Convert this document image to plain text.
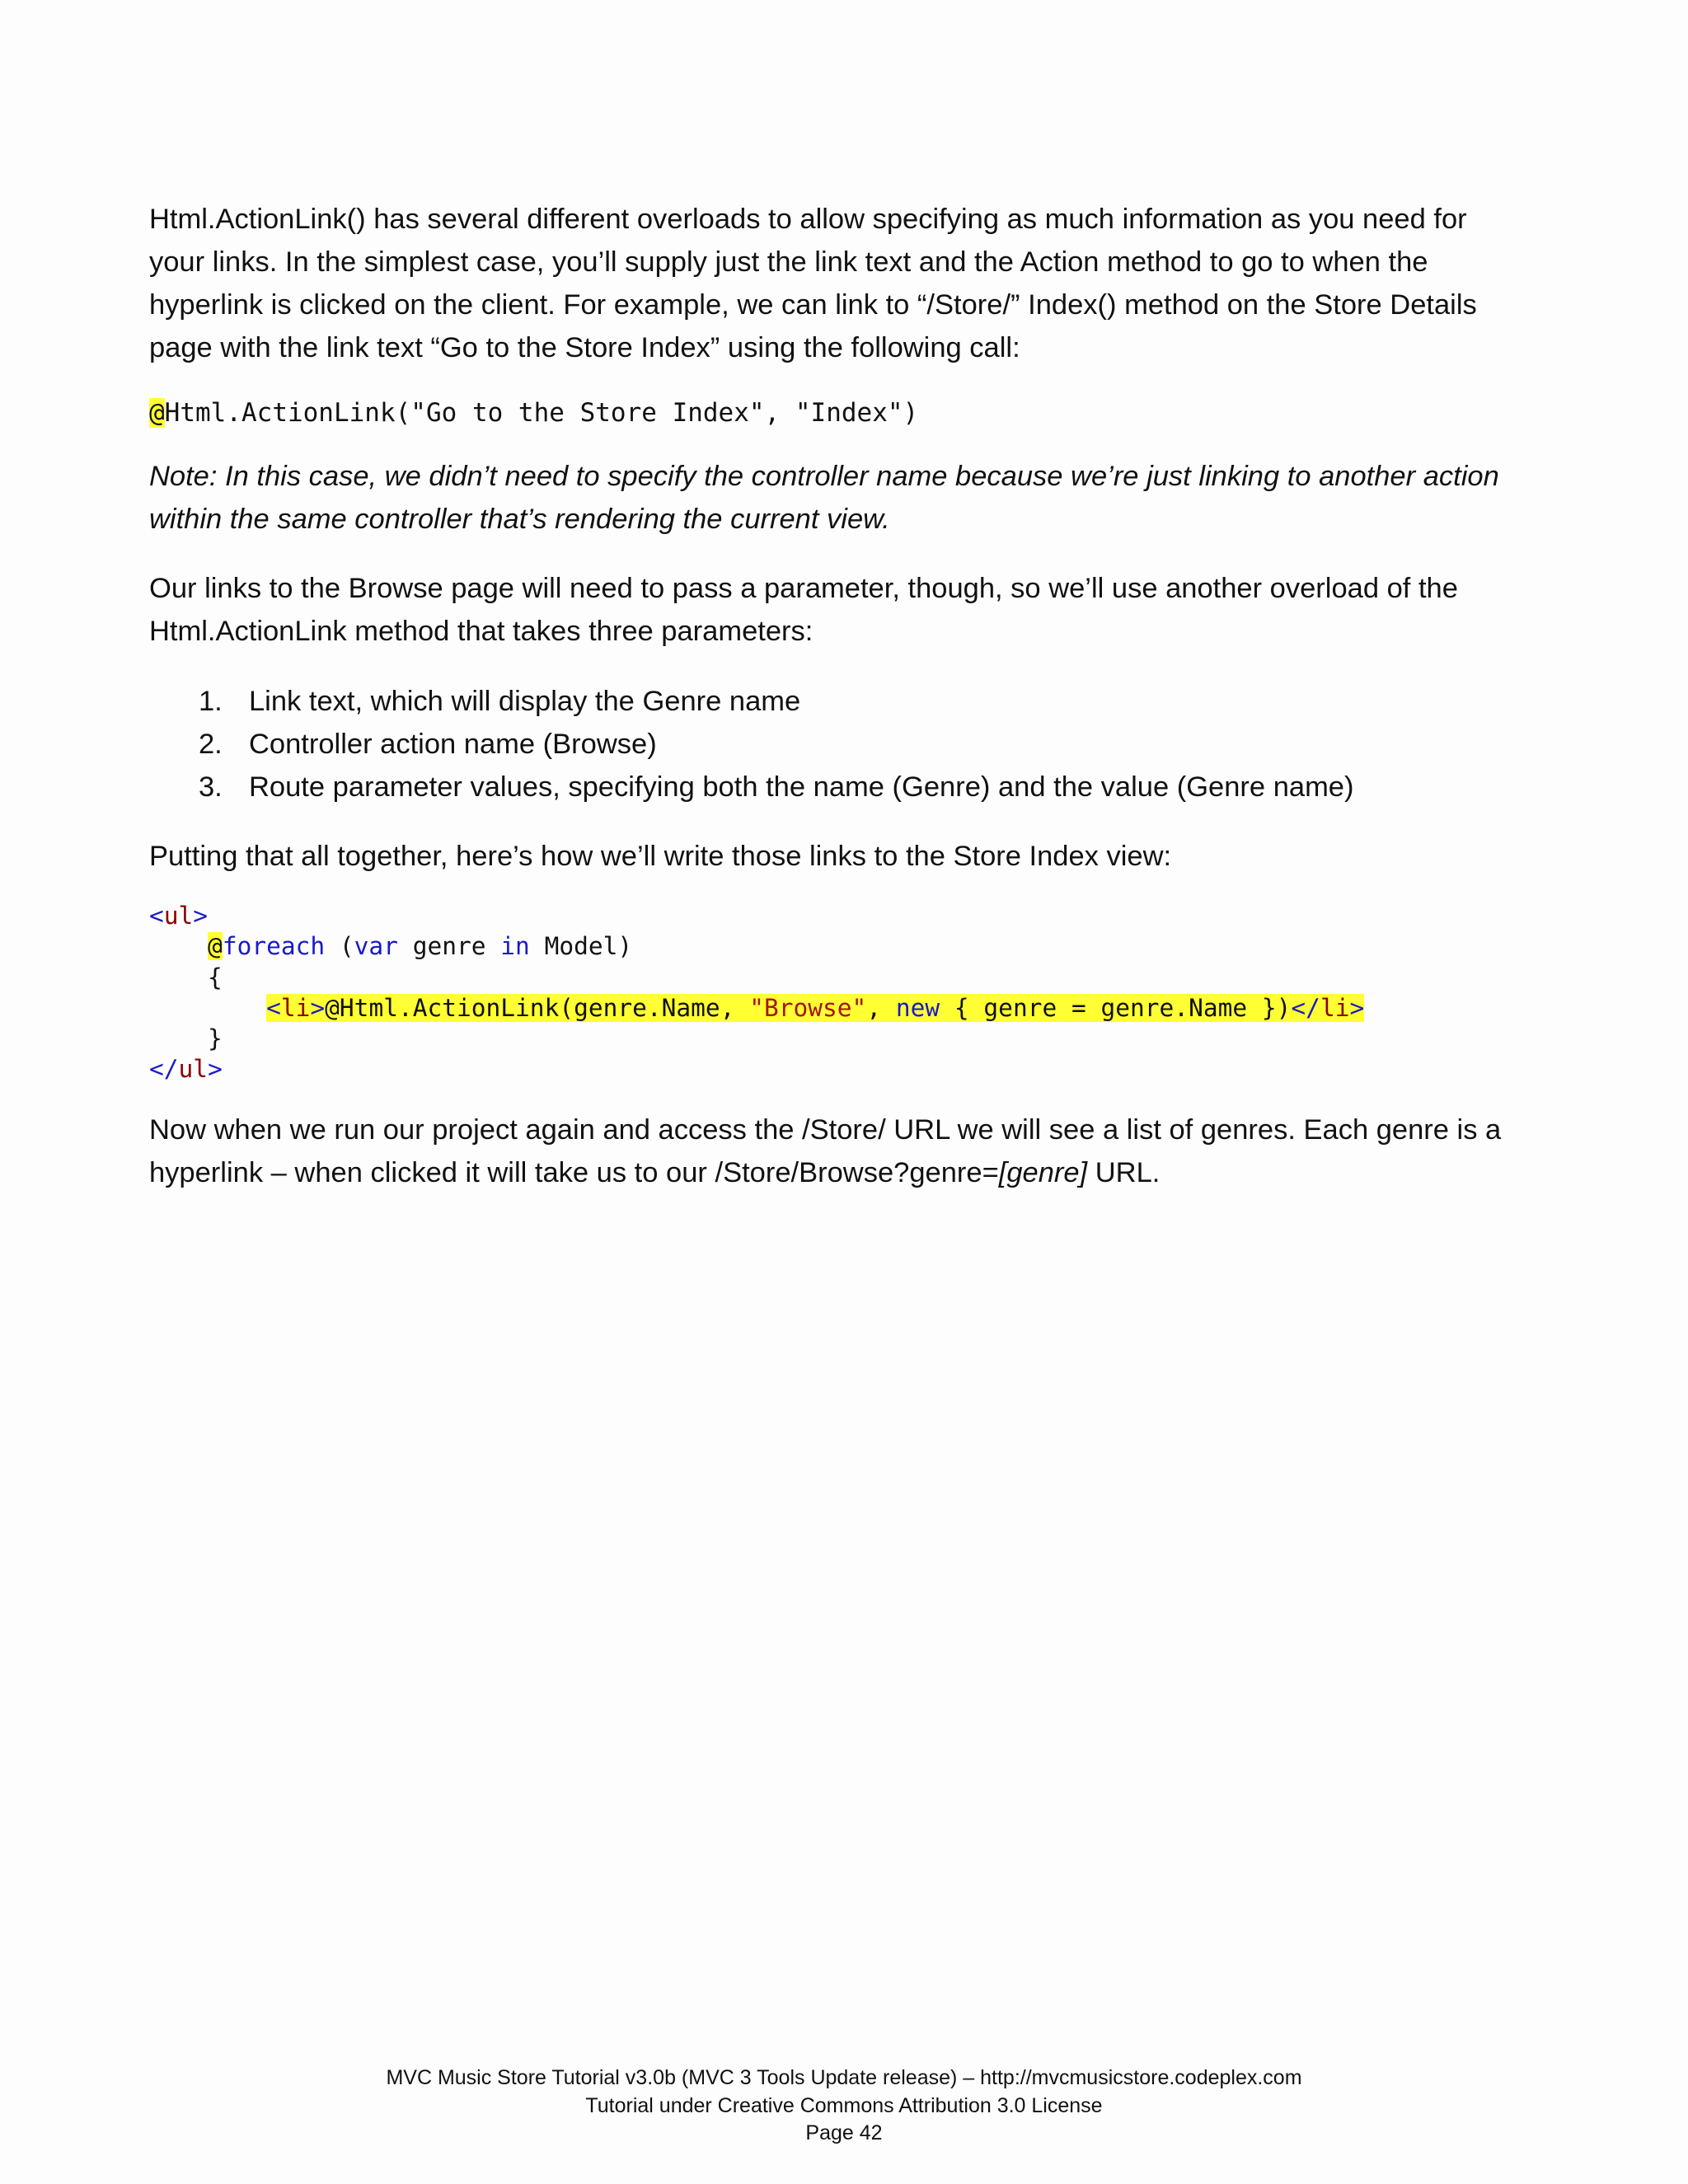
Html.ActionLink() has several different overloads to allow specifying as much information as you need for your links. In the simplest case, you’ll supply just the link text and the Action method to go to when the hyperlink is clicked on the client. For example, we can link to “/Store/” Index() method on the Store Details page with the link text “Go to the Store Index” using the following call:

@Html.ActionLink("Go to the Store Index", "Index")

Note: In this case, we didn’t need to specify the controller name because we’re just linking to another action within the same controller that’s rendering the current view.

Our links to the Browse page will need to pass a parameter, though, so we’ll use another overload of the Html.ActionLink method that takes three parameters:

1. Link text, which will display the Genre name
2. Controller action name (Browse)
3. Route parameter values, specifying both the name (Genre) and the value (Genre name)

Putting that all together, here’s how we’ll write those links to the Store Index view:

<ul>
@foreach (var genre in Model)
{
<li>@Html.ActionLink(genre.Name, "Browse", new { genre = genre.Name })</li>
}
</ul>

Now when we run our project again and access the /Store/ URL we will see a list of genres. Each genre is a hyperlink – when clicked it will take us to our /Store/Browse?genre=[genre] URL.

MVC Music Store Tutorial v3.0b (MVC 3 Tools Update release) – http://mvcmusicstore.codeplex.com
Tutorial under Creative Commons Attribution 3.0 License
Page 42
